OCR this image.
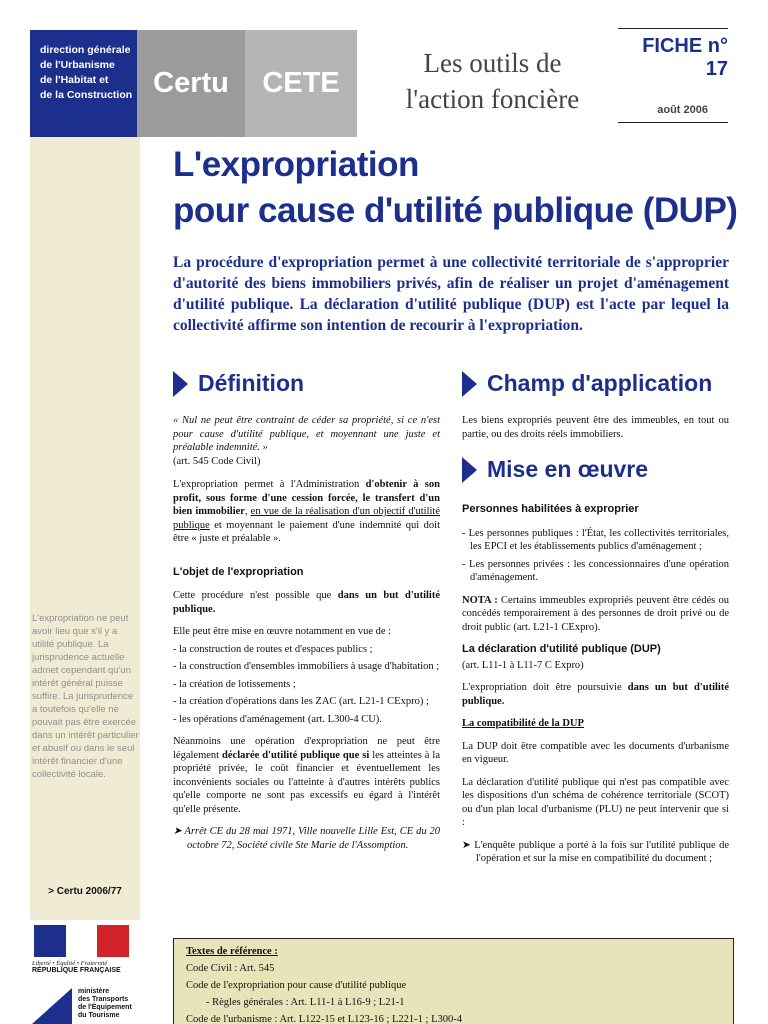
direction générale
de l'Urbanisme
de l'Habitat et
de la Construction Certu	CETE
Les outils de
l'action foncière
FICHE n° 17
août 2006
L'expropriation ne peut avoir lieu que s'il y a utilité publique. La jurisprudence actuelle admet cependant qu'un intérêt général puisse suffire. La jurisprudence a toutefois qu'elle ne pouvait pas être exercée dans un intérêt particulier et abusif ou dans le seul intérêt financier d'une collectivité locale.
> Certu 2006/77
Liberté • Égalité • Fraternité
RÉPUBLIQUE FRANÇAISE
ministère
des Transports
de l'Équipement
du Tourisme
L'expropriation
pour cause d'utilité publique (DUP)

La procédure d'expropriation permet à une collectivité territoriale de s'approprier d'autorité des biens immobiliers privés, afin de réaliser un projet d'aménagement d'utilité publique. La déclaration d'utilité publique (DUP) est l'acte par lequel la collectivité affirme son intention de recourir à l'expropriation.

Définition	Champ d'application
Mise en œuvre

« Nul ne peut être contraint de céder sa propriété, si ce n'est pour cause d'utilité publique, et moyennant une juste et préalable indemnité. »
(art. 545 Code Civil)

L'expropriation permet à l'Administration d'obtenir à son profit, sous forme d'une cession forcée, le transfert d'un bien immobilier, en vue de la réalisation d'un objectif d'utilité publique et moyennant le paiement d'une indemnité qui doit être « juste et préalable ».

L'objet de l'expropriation

Cette procédure n'est possible que dans un but d'utilité publique.

Elle peut être mise en œuvre notamment en vue de :

- la construction de routes et d'espaces publics ;
- la construction d'ensembles immobiliers à usage d'habitation ;
- la création de lotissements ;
- la création d'opérations dans les ZAC (art. L21-1 CExpro) ;
- les opérations d'aménagement (art. L300-4 CU).

Néanmoins une opération d'expropriation ne peut être légalement déclarée d'utilité publique que si les atteintes à la propriété privée, le coût financier et éventuellement les inconvénients sociales ou l'atteinte à d'autres intérêts publics qu'elle comporte ne sont pas excessifs eu égard à l'intérêt qu'elle présente.

➤ Arrêt CE du 28 mai 1971, Ville nouvelle Lille Est, CE du 20 octobre 72, Société civile Ste Marie de l'Assomption.

Les biens expropriés peuvent être des immeubles, en tout ou partie, ou des droits réels immobiliers.

Personnes habilitées à exproprier
- Les personnes publiques : l'État, les collectivités territoriales, les EPCI et les établissements publics d'aménagement ;
- Les personnes privées : les concessionnaires d'une opération d'aménagement.

NOTA : Certains immeubles expropriés peuvent être cédés ou concédés temporairement à des personnes de droit privé ou de droit public (art. L21-1 CExpro).

La déclaration d'utilité publique (DUP)

(art. L11-1 à L11-7 C Expro)

L'expropriation doit être poursuivie dans un but d'utilité publique.

La compatibilité de la DUP

La DUP doit être compatible avec les documents d'urbanisme en vigueur.

La déclaration d'utilité publique qui n'est pas compatible avec les dispositions d'un schéma de cohérence territoriale (SCOT) ou d'un plan local d'urbanisme (PLU) ne peut intervenir que si :

➤ L'enquête publique a porté à la fois sur l'utilité publique de l'opération et sur la mise en compatibilité du document ;
Textes de référence :
Code Civil : Art. 545
Code de l'expropriation pour cause d'utilité publique
- Règles générales : Art. L11-1 à L16-9 ; L21-1
Code de l'urbanisme : Art. L122-15 et L123-16 ; L221-1 ; L300-4
